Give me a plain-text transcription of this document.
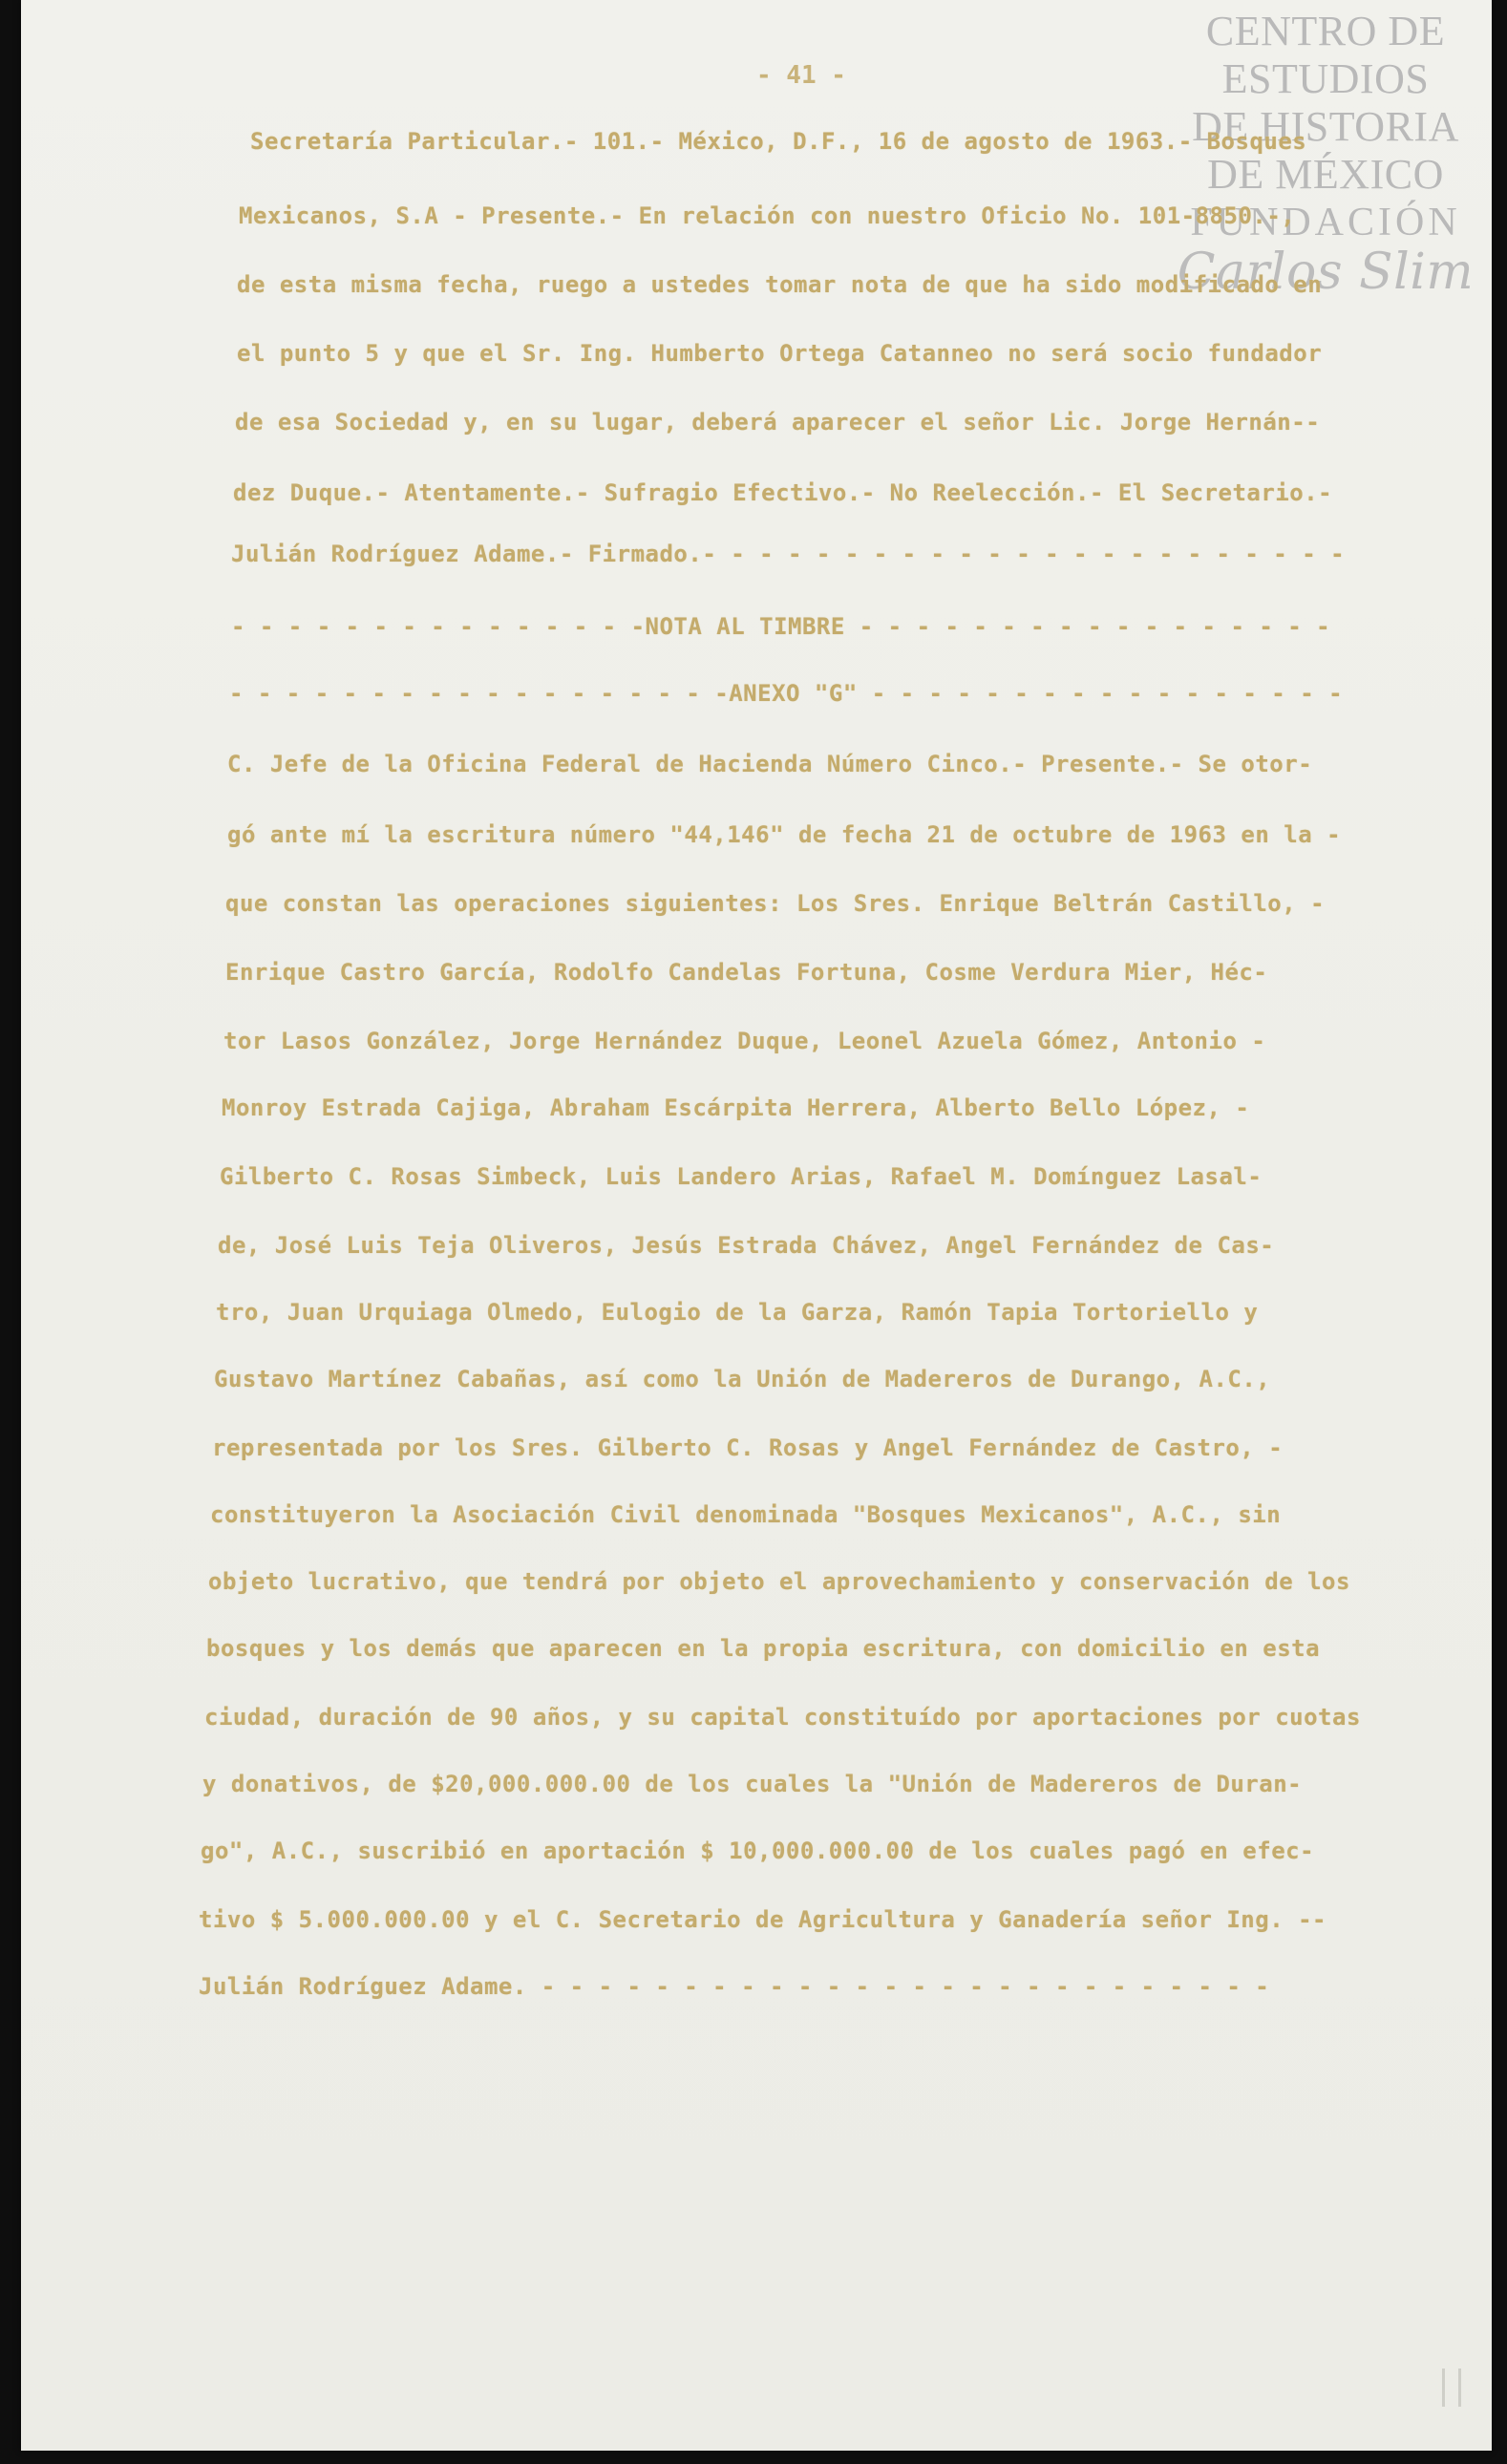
CENTRO DE
ESTUDIOS
DE HISTORIA
DE MÉXICO
FUNDACIÓN
Carlos Slim
- 41 -
Secretaría Particular.- 101.- México, D.F., 16 de agosto de 1963.- Bosques
Mexicanos, S.A - Presente.- En relación con nuestro Oficio No. 101-8850.-,
de esta misma fecha, ruego a ustedes tomar nota de que ha sido modificado en
el punto 5 y que el Sr. Ing. Humberto Ortega Catanneo no será socio fundador
de esa Sociedad y, en su lugar, deberá aparecer el señor Lic. Jorge Hernán--
dez Duque.- Atentamente.- Sufragio Efectivo.- No Reelección.- El Secretario.-
Julián Rodríguez Adame.- Firmado.- - - - - - - - - - - - - - - - - - - - - - -
- - - - - - - - - - - - - - -NOTA AL TIMBRE - - - - - - - - - - - - - - - - -
- - - - - - - - - - - - - - - - - -ANEXO "G" - - - - - - - - - - - - - - - - -
C. Jefe de la Oficina Federal de Hacienda Número Cinco.- Presente.- Se otor-
gó ante mí la escritura número "44,146" de fecha 21 de octubre de 1963 en la -
que constan las operaciones siguientes: Los Sres. Enrique Beltrán Castillo, -
Enrique Castro García, Rodolfo Candelas Fortuna, Cosme Verdura Mier, Héc-
tor Lasos González, Jorge Hernández Duque, Leonel Azuela Gómez, Antonio -
Monroy Estrada Cajiga, Abraham Escárpita Herrera, Alberto Bello López, -
Gilberto C. Rosas Simbeck, Luis Landero Arias, Rafael M. Domínguez Lasal-
de, José Luis Teja Oliveros, Jesús Estrada Chávez, Angel Fernández de Cas-
tro, Juan Urquiaga Olmedo, Eulogio de la Garza, Ramón Tapia Tortoriello y
Gustavo Martínez Cabañas, así como la Unión de Madereros de Durango, A.C.,
representada por los Sres. Gilberto C. Rosas y Angel Fernández de Castro, -
constituyeron la Asociación Civil denominada "Bosques Mexicanos", A.C., sin
objeto lucrativo, que tendrá por objeto el aprovechamiento y conservación de los
bosques y los demás que aparecen en la propia escritura, con domicilio en esta
ciudad, duración de 90 años, y su capital constituído por aportaciones por cuotas
y donativos, de $20,000.000.00 de los cuales la "Unión de Madereros de Duran-
go", A.C., suscribió en aportación $ 10,000.000.00 de los cuales pagó en efec-
tivo $ 5.000.000.00 y el C. Secretario de Agricultura y Ganadería señor Ing. --
Julián Rodríguez Adame. - - - - - - - - - - - - - - - - - - - - - - - - - -
